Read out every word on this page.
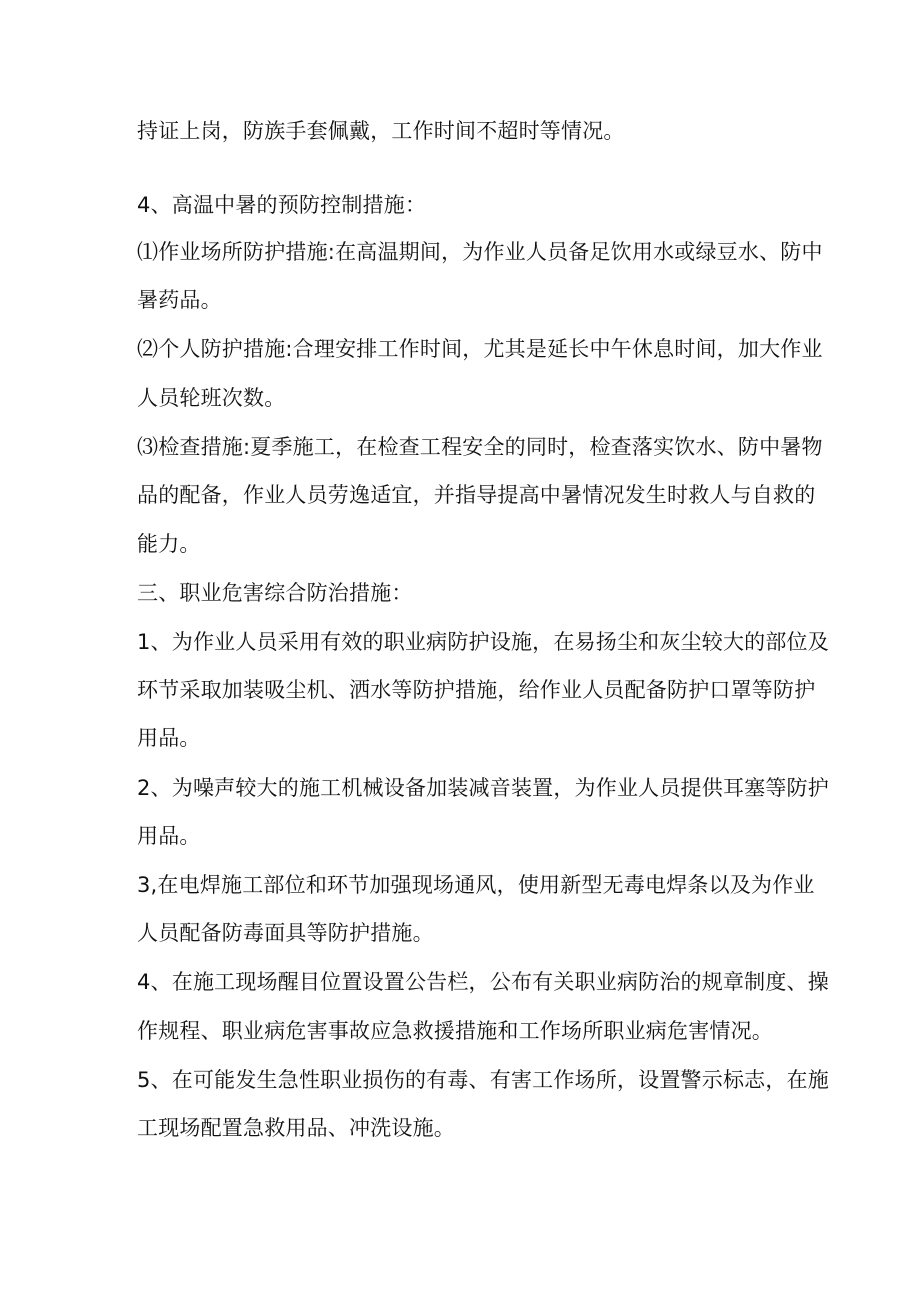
持证上岗，防族手套佩戴，工作时间不超时等情况。
4、高温中暑的预防控制措施：
⑴作业场所防护措施:在高温期间，为作业人员备足饮用水或绿豆水、防中
暑药品。
⑵个人防护措施:合理安排工作时间，尤其是延长中午休息时间，加大作业
人员轮班次数。
⑶检查措施:夏季施工，在检查工程安全的同时，检查落实饮水、防中暑物
品的配备，作业人员劳逸适宜，并指导提高中暑情况发生时救人与自救的
能力。
三、职业危害综合防治措施：
1、为作业人员采用有效的职业病防护设施，在易扬尘和灰尘较大的部位及
环节采取加装吸尘机、洒水等防护措施，给作业人员配备防护口罩等防护
用品。
2、为噪声较大的施工机械设备加装减音装置，为作业人员提供耳塞等防护
用品。
3,在电焊施工部位和环节加强现场通风，使用新型无毒电焊条以及为作业
人员配备防毒面具等防护措施。
4、在施工现场醒目位置设置公告栏，公布有关职业病防治的规章制度、操
作规程、职业病危害事故应急救援措施和工作场所职业病危害情况。
5、在可能发生急性职业损伤的有毒、有害工作场所，设置警示标志，在施
工现场配置急救用品、冲洗设施。
